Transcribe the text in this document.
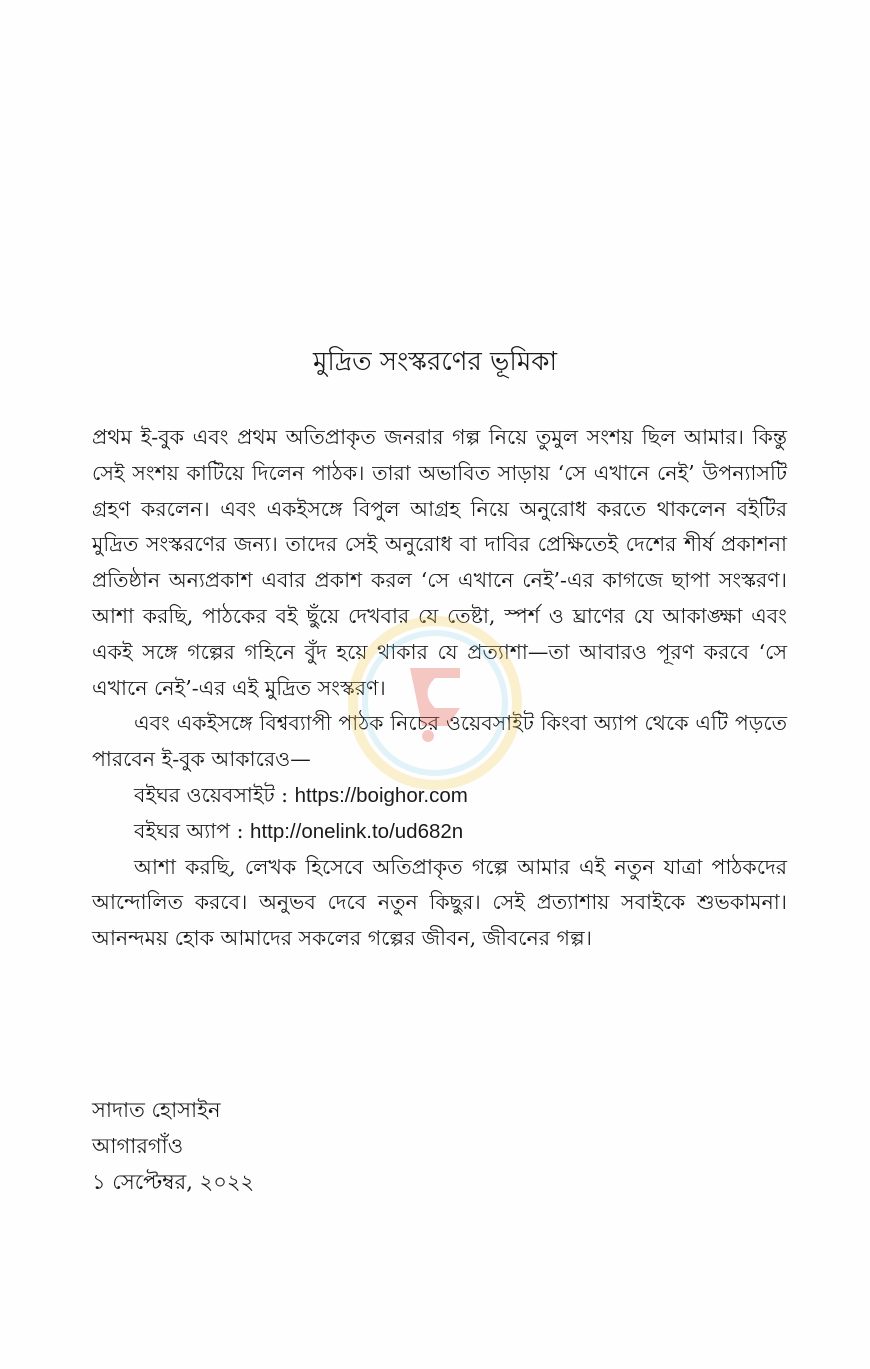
মুদ্রিত সংস্করণের ভূমিকা

প্রথম ই-বুক এবং প্রথম অতিপ্রাকৃত জনরার গল্প নিয়ে তুমুল সংশয় ছিল আমার। কিন্তু সেই সংশয় কাটিয়ে দিলেন পাঠক। তারা অভাবিত সাড়ায় ‘সে এখানে নেই’ উপন্যাসটি গ্রহণ করলেন। এবং একইসঙ্গে বিপুল আগ্রহ নিয়ে অনুরোধ করতে থাকলেন বইটির মুদ্রিত সংস্করণের জন্য। তাদের সেই অনুরোধ বা দাবির প্রেক্ষিতেই দেশের শীর্ষ প্রকাশনা প্রতিষ্ঠান অন্যপ্রকাশ এবার প্রকাশ করল ‘সে এখানে নেই’-এর কাগজে ছাপা সংস্করণ। আশা করছি, পাঠকের বই ছুঁয়ে দেখবার যে তেষ্টা, স্পর্শ ও ঘ্রাণের যে আকাঙ্ক্ষা এবং একই সঙ্গে গল্পের গহিনে বুঁদ হয়ে থাকার যে প্রত্যাশা—তা আবারও পূরণ করবে ‘সে এখানে নেই’-এর এই মুদ্রিত সংস্করণ।

এবং একইসঙ্গে বিশ্বব্যাপী পাঠক নিচের ওয়েবসাইট কিংবা অ্যাপ থেকে এটি পড়তে পারবেন ই-বুক আকারেও—

বইঘর ওয়েবসাইট : https://boighor.com
বইঘর অ্যাপ : http://onelink.to/ud682n

আশা করছি, লেখক হিসেবে অতিপ্রাকৃত গল্পে আমার এই নতুন যাত্রা পাঠকদের আন্দোলিত করবে। অনুভব দেবে নতুন কিছুর। সেই প্রত্যাশায় সবাইকে শুভকামনা। আনন্দময় হোক আমাদের সকলের গল্পের জীবন, জীবনের গল্প।

সাদাত হোসাইন
আগারগাঁও
১ সেপ্টেম্বর, ২০২২
